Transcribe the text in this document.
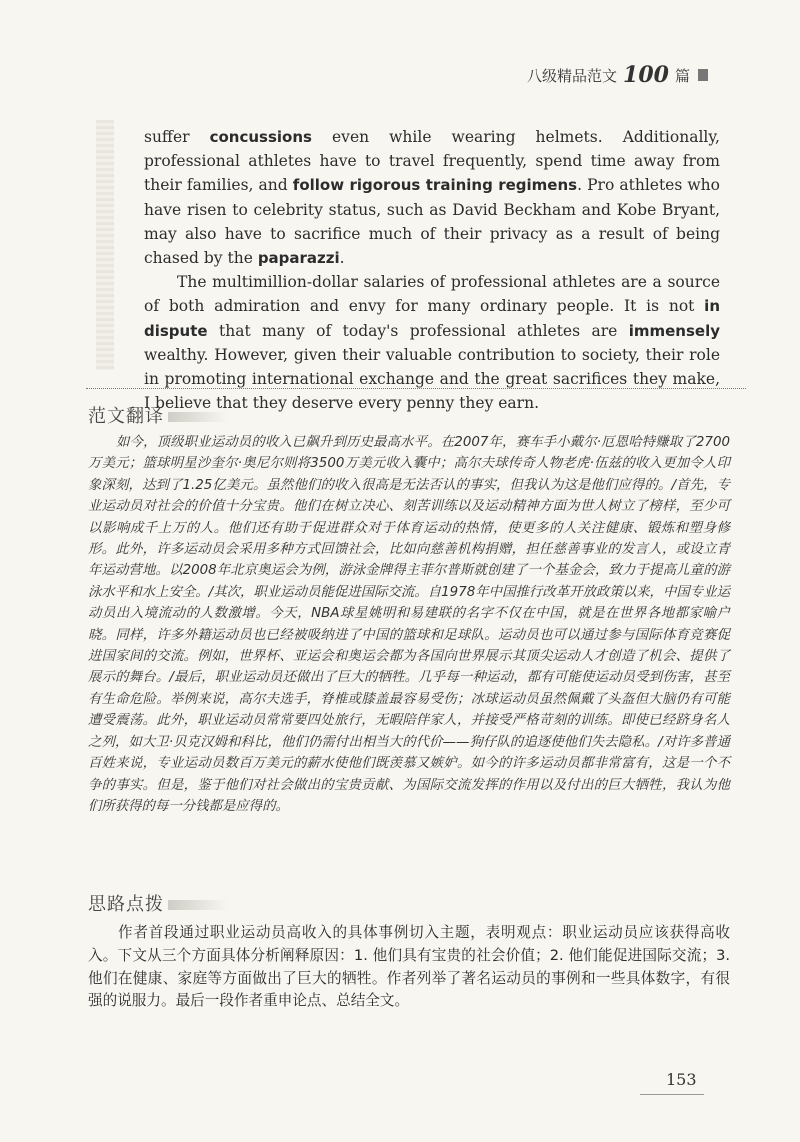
八级精品范文 100 篇

suffer concussions even while wearing helmets. Additionally, professional athletes have to travel frequently, spend time away from their families, and follow rigorous training regimens. Pro athletes who have risen to celebrity status, such as David Beckham and Kobe Bryant, may also have to sacrifice much of their privacy as a result of being chased by the paparazzi.

The multimillion-dollar salaries of professional athletes are a source of both admiration and envy for many ordinary people. It is not in dispute that many of today's professional athletes are immensely wealthy. However, given their valuable contribution to society, their role in promoting international exchange and the great sacrifices they make, I believe that they deserve every penny they earn.

范文翻译

如今，顶级职业运动员的收入已飙升到历史最高水平。在2007年，赛车手小戴尔·厄恩哈特赚取了2700万美元；篮球明星沙奎尔·奥尼尔则将3500万美元收入囊中；高尔夫球传奇人物老虎·伍兹的收入更加令人印象深刻，达到了1.25亿美元。虽然他们的收入很高是无法否认的事实，但我认为这是他们应得的。/首先，专业运动员对社会的价值十分宝贵。他们在树立决心、刻苦训练以及运动精神方面为世人树立了榜样，至少可以影响成千上万的人。他们还有助于促进群众对于体育运动的热情，使更多的人关注健康、锻炼和塑身修形。此外，许多运动员会采用多种方式回馈社会，比如向慈善机构捐赠，担任慈善事业的发言人，或设立青年运动营地。以2008年北京奥运会为例，游泳金牌得主菲尔普斯就创建了一个基金会，致力于提高儿童的游泳水平和水上安全。/其次，职业运动员能促进国际交流。自1978年中国推行改革开放政策以来，中国专业运动员出入境流动的人数激增。今天，NBA球星姚明和易建联的名字不仅在中国，就是在世界各地都家喻户晓。同样，许多外籍运动员也已经被吸纳进了中国的篮球和足球队。运动员也可以通过参与国际体育竞赛促进国家间的交流。例如，世界杯、亚运会和奥运会都为各国向世界展示其顶尖运动人才创造了机会、提供了展示的舞台。/最后，职业运动员还做出了巨大的牺牲。几乎每一种运动，都有可能使运动员受到伤害，甚至有生命危险。举例来说，高尔夫选手，脊椎或膝盖最容易受伤；冰球运动员虽然佩戴了头盔但大脑仍有可能遭受震荡。此外，职业运动员常常要四处旅行，无暇陪伴家人，并接受严格苛刻的训练。即使已经跻身名人之列，如大卫·贝克汉姆和科比，他们仍需付出相当大的代价——狗仔队的追逐使他们失去隐私。/对许多普通百姓来说，专业运动员数百万美元的薪水使他们既羡慕又嫉妒。如今的许多运动员都非常富有，这是一个不争的事实。但是，鉴于他们对社会做出的宝贵贡献、为国际交流发挥的作用以及付出的巨大牺牲，我认为他们所获得的每一分钱都是应得的。

思路点拨

作者首段通过职业运动员高收入的具体事例切入主题，表明观点：职业运动员应该获得高收入。下文从三个方面具体分析阐释原因：1. 他们具有宝贵的社会价值；2. 他们能促进国际交流；3. 他们在健康、家庭等方面做出了巨大的牺牲。作者列举了著名运动员的事例和一些具体数字，有很强的说服力。最后一段作者重申论点、总结全文。

153
